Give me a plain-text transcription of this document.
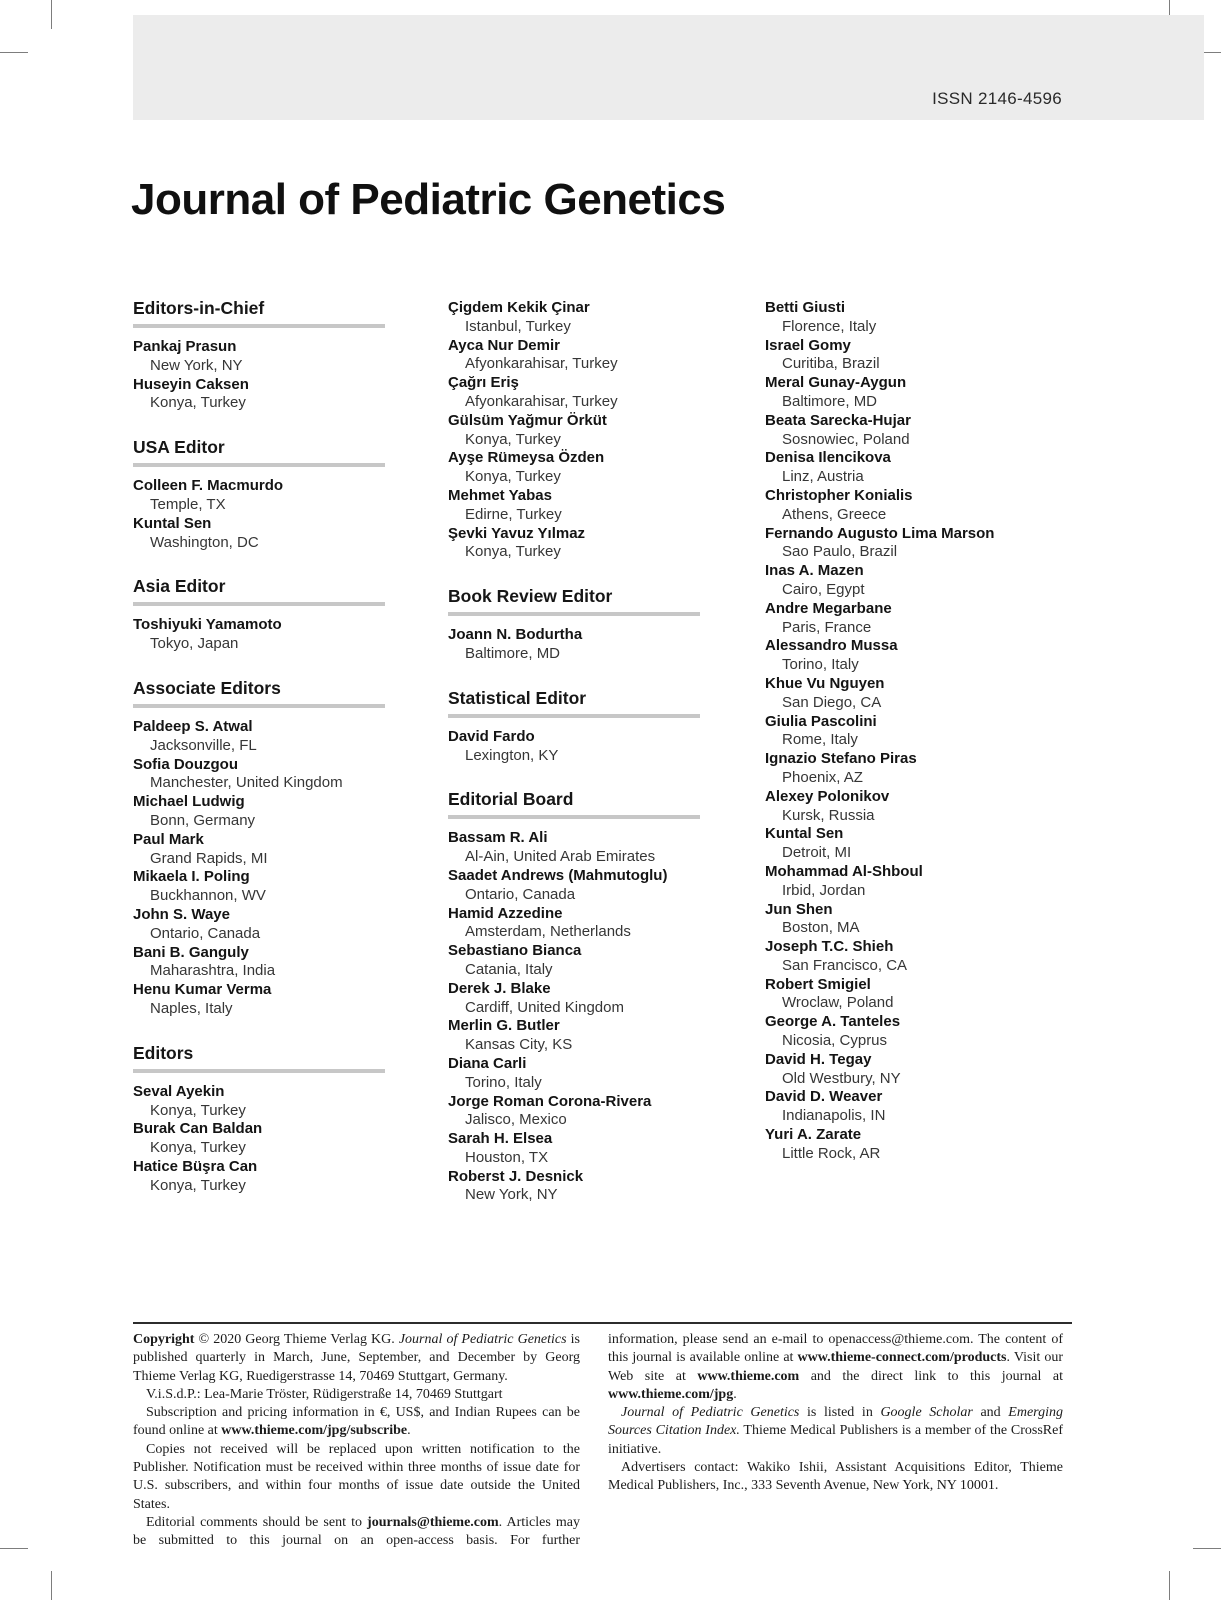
ISSN 2146-4596
Journal of Pediatric Genetics
Editors-in-Chief
Pankaj Prasun
New York, NY
Huseyin Caksen
Konya, Turkey
USA Editor
Colleen F. Macmurdo
Temple, TX
Kuntal Sen
Washington, DC
Asia Editor
Toshiyuki Yamamoto
Tokyo, Japan
Associate Editors
Paldeep S. Atwal
Jacksonville, FL
Sofia Douzgou
Manchester, United Kingdom
Michael Ludwig
Bonn, Germany
Paul Mark
Grand Rapids, MI
Mikaela I. Poling
Buckhannon, WV
John S. Waye
Ontario, Canada
Bani B. Ganguly
Maharashtra, India
Henu Kumar Verma
Naples, Italy
Editors
Seval Ayekin
Konya, Turkey
Burak Can Baldan
Konya, Turkey
Hatice Büşra Can
Konya, Turkey
Çigdem Kekik Çinar
Istanbul, Turkey
Ayca Nur Demir
Afyonkarahisar, Turkey
Çağrı Eriş
Afyonkarahisar, Turkey
Gülsüm Yağmur Örküt
Konya, Turkey
Ayşe Rümeysa Özden
Konya, Turkey
Mehmet Yabas
Edirne, Turkey
Şevki Yavuz Yılmaz
Konya, Turkey
Book Review Editor
Joann N. Bodurtha
Baltimore, MD
Statistical Editor
David Fardo
Lexington, KY
Editorial Board
Bassam R. Ali
Al-Ain, United Arab Emirates
Saadet Andrews (Mahmutoglu)
Ontario, Canada
Hamid Azzedine
Amsterdam, Netherlands
Sebastiano Bianca
Catania, Italy
Derek J. Blake
Cardiff, United Kingdom
Merlin G. Butler
Kansas City, KS
Diana Carli
Torino, Italy
Jorge Roman Corona-Rivera
Jalisco, Mexico
Sarah H. Elsea
Houston, TX
Roberst J. Desnick
New York, NY
Betti Giusti
Florence, Italy
Israel Gomy
Curitiba, Brazil
Meral Gunay-Aygun
Baltimore, MD
Beata Sarecka-Hujar
Sosnowiec, Poland
Denisa Ilencikova
Linz, Austria
Christopher Konialis
Athens, Greece
Fernando Augusto Lima Marson
Sao Paulo, Brazil
Inas A. Mazen
Cairo, Egypt
Andre Megarbane
Paris, France
Alessandro Mussa
Torino, Italy
Khue Vu Nguyen
San Diego, CA
Giulia Pascolini
Rome, Italy
Ignazio Stefano Piras
Phoenix, AZ
Alexey Polonikov
Kursk, Russia
Kuntal Sen
Detroit, MI
Mohammad Al-Shboul
Irbid, Jordan
Jun Shen
Boston, MA
Joseph T.C. Shieh
San Francisco, CA
Robert Smigiel
Wroclaw, Poland
George A. Tanteles
Nicosia, Cyprus
David H. Tegay
Old Westbury, NY
David D. Weaver
Indianapolis, IN
Yuri A. Zarate
Little Rock, AR

Copyright © 2020 Georg Thieme Verlag KG. Journal of Pediatric Genetics is published quarterly in March, June, September, and December by Georg Thieme Verlag KG, Ruedigerstrasse 14, 70469 Stuttgart, Germany.

V.i.S.d.P.: Lea-Marie Tröster, Rüdigerstraße 14, 70469 Stuttgart

Subscription and pricing information in €, US$, and Indian Rupees can be found online at www.thieme.com/jpg/subscribe.

Copies not received will be replaced upon written notification to the Publisher. Notification must be received within three months of issue date for U.S. subscribers, and within four months of issue date outside the United States.

Editorial comments should be sent to journals@thieme.com. Articles may be submitted to this journal on an open-access basis. For further

information, please send an e-mail to openaccess@thieme.com. The content of this journal is available online at www.thieme-connect.com/products. Visit our Web site at www.thieme.com and the direct link to this journal at www.thieme.com/jpg.

Journal of Pediatric Genetics is listed in Google Scholar and Emerging Sources Citation Index. Thieme Medical Publishers is a member of the CrossRef initiative.

Advertisers contact: Wakiko Ishii, Assistant Acquisitions Editor, Thieme Medical Publishers, Inc., 333 Seventh Avenue, New York, NY 10001.
